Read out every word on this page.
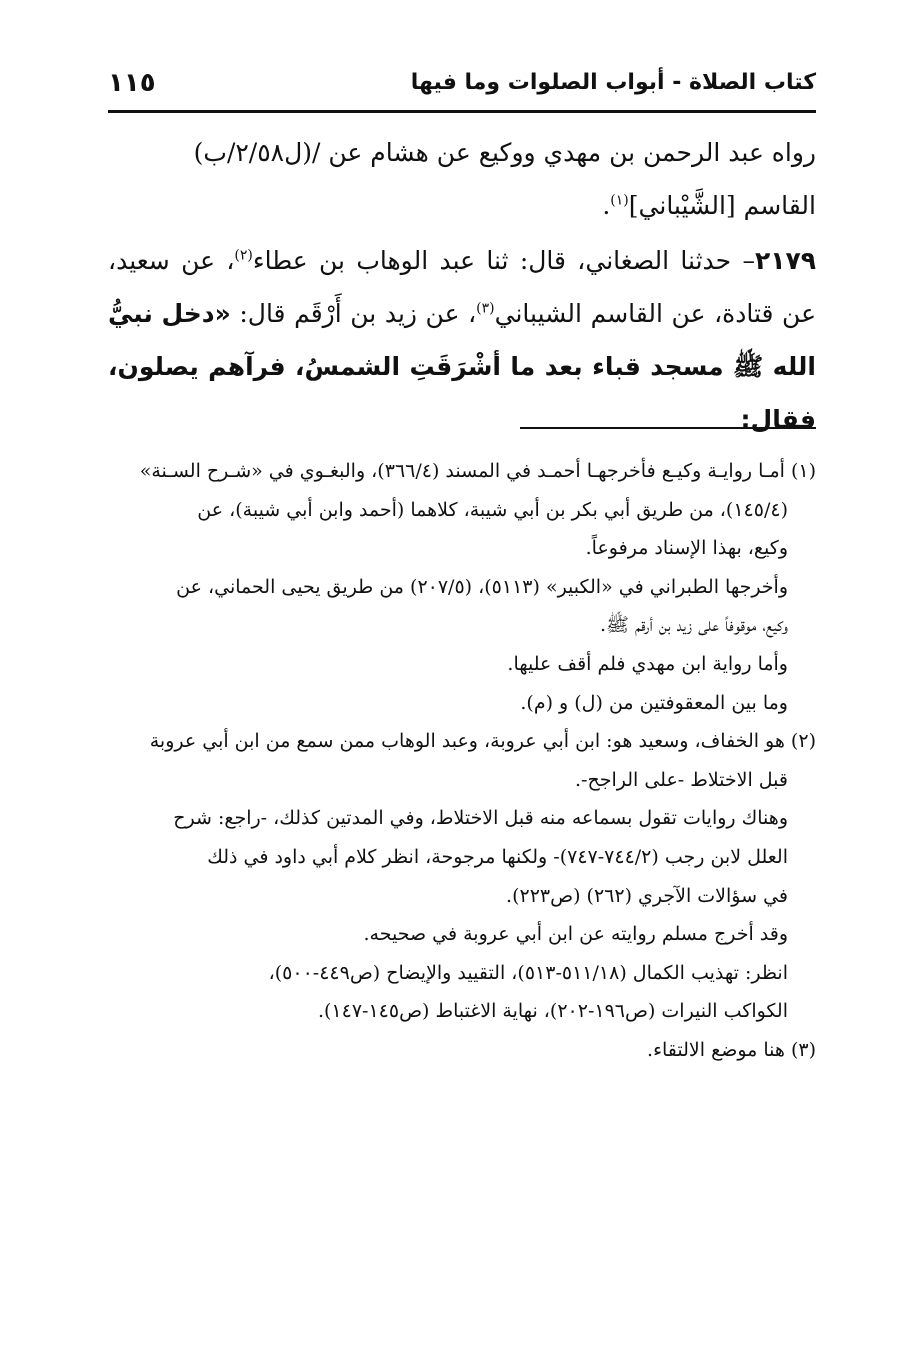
كتاب الصلاة - أبواب الصلوات وما فيها
١١٥

رواه عبد الرحمن بن مهدي ووكيع عن هشام عن /(ل٢/٥٨/ب)

القاسم [الشَّيْباني]$^{(١)}$.

٢١٧٩– حدثنا الصغاني، قال: ثنا عبد الوهاب بن عطاء$^{(٢)}$، عن سعيد، عن قتادة، عن القاسم الشيباني$^{(٣)}$، عن زيد بن أَرْقَم قال: «دخل نبيُّ الله ﷺ مسجد قباء بعد ما أشْرَقَتِ الشمسُ، فرآهم يصلون، فقال:

(١) أمـا روايـة وكيـع فأخرجهـا أحمـد في المسند (٣٦٦/٤)، والبغـوي في «شـرح السـنة»

(١٤٥/٤)، من طريق أبي بكر بن أبي شيبة، كلاهما (أحمد وابن أبي شيبة)، عن

وكيع، بهذا الإسناد مرفوعاً.

وأخرجها الطبراني في «الكبير» (٥١١٣)، (٢٠٧/٥) من طريق يحيى الحماني، عن

وكيع، موقوفاً على زيد بن أرقم ﷺ.

وأما رواية ابن مهدي فلم أقف عليها.

وما بين المعقوفتين من (ل) و (م).

(٢) هو الخفاف، وسعيد هو: ابن أبي عروبة، وعبد الوهاب ممن سمع من ابن أبي عروبة

قبل الاختلاط -على الراجح-.

وهناك روايات تقول بسماعه منه قبل الاختلاط، وفي المدتين كذلك، -راجع: شرح

العلل لابن رجب (٧٤٤/٢-٧٤٧)- ولكنها مرجوحة، انظر كلام أبي داود في ذلك

في سؤالات الآجري (٢٦٢) (ص٢٢٣).

وقد أخرج مسلم روايته عن ابن أبي عروبة في صحيحه.

انظر: تهذيب الكمال (٥١١/١٨-٥١٣)، التقييد والإيضاح (ص٤٤٩-٥٠٠)،

الكواكب النيرات (ص١٩٦-٢٠٢)، نهاية الاغتباط (ص١٤٥-١٤٧).

(٣) هنا موضع الالتقاء.
